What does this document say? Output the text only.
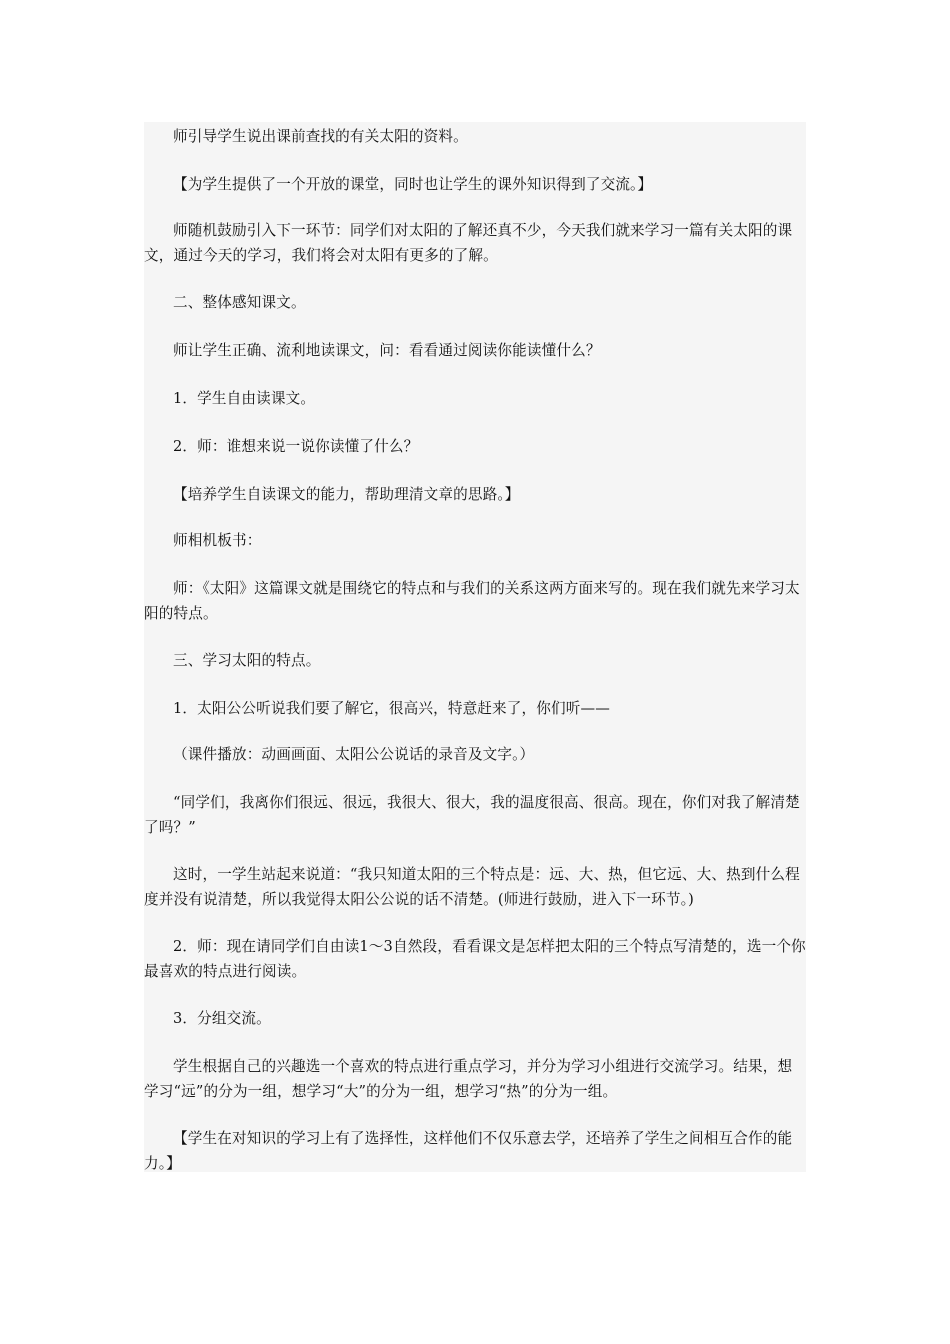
师引导学生说出课前查找的有关太阳的资料。

【为学生提供了一个开放的课堂，同时也让学生的课外知识得到了交流。】

师随机鼓励引入下一环节：同学们对太阳的了解还真不少，今天我们就来学习一篇有关太阳的课文，通过今天的学习，我们将会对太阳有更多的了解。

二、整体感知课文。

师让学生正确、流利地读课文，问：看看通过阅读你能读懂什么？

1．学生自由读课文。

2．师：谁想来说一说你读懂了什么？

【培养学生自读课文的能力，帮助理清文章的思路。】

师相机板书：

师：《太阳》这篇课文就是围绕它的特点和与我们的关系这两方面来写的。现在我们就先来学习太阳的特点。

三、学习太阳的特点。

1．太阳公公听说我们要了解它，很高兴，特意赶来了，你们听——

（课件播放：动画画面、太阳公公说话的录音及文字。）

“同学们，我离你们很远、很远，我很大、很大，我的温度很高、很高。现在，你们对我了解清楚了吗？”

这时，一学生站起来说道：“我只知道太阳的三个特点是：远、大、热，但它远、大、热到什么程度并没有说清楚，所以我觉得太阳公公说的话不清楚。(师进行鼓励，进入下一环节。)

2．师：现在请同学们自由读1～3自然段，看看课文是怎样把太阳的三个特点写清楚的，选一个你最喜欢的特点进行阅读。

3．分组交流。

学生根据自己的兴趣选一个喜欢的特点进行重点学习，并分为学习小组进行交流学习。结果，想学习“远”的分为一组，想学习“大”的分为一组，想学习“热”的分为一组。

【学生在对知识的学习上有了选择性，这样他们不仅乐意去学，还培养了学生之间相互合作的能力。】
